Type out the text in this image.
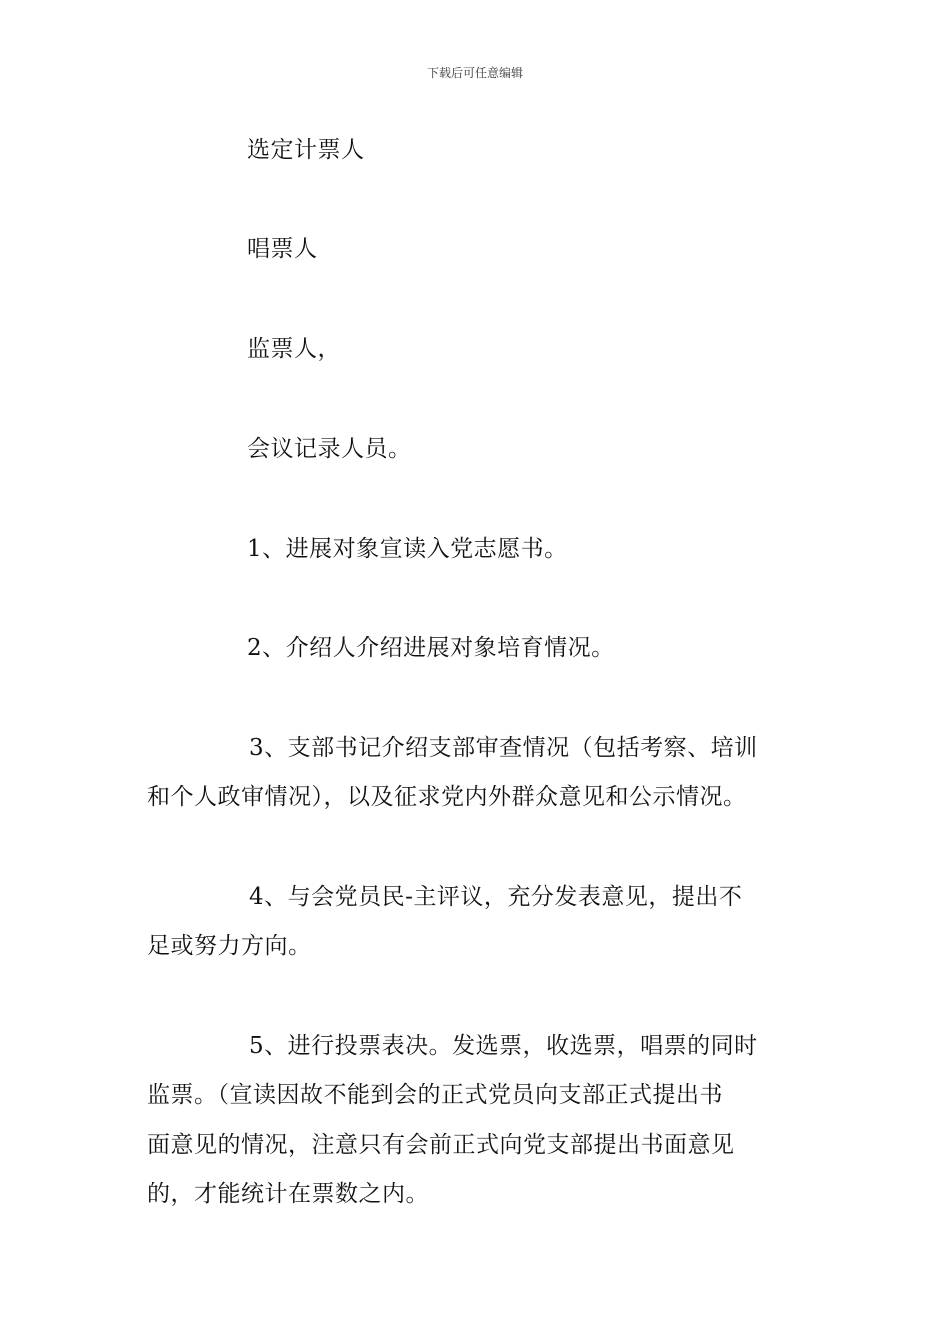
下载后可任意编辑
选定计票人
唱票人
监票人，
会议记录人员。
1、进展对象宣读入党志愿书。
2、介绍人介绍进展对象培育情况。
3、支部书记介绍支部审查情况（包括考察、培训
和个人政审情况），以及征求党内外群众意见和公示情况。
4、与会党员民-主评议，充分发表意见，提出不
足或努力方向。
5、进行投票表决。发选票，收选票，唱票的同时
监票。（宣读因故不能到会的正式党员向支部正式提出书
面意见的情况，注意只有会前正式向党支部提出书面意见
的，才能统计在票数之内。
